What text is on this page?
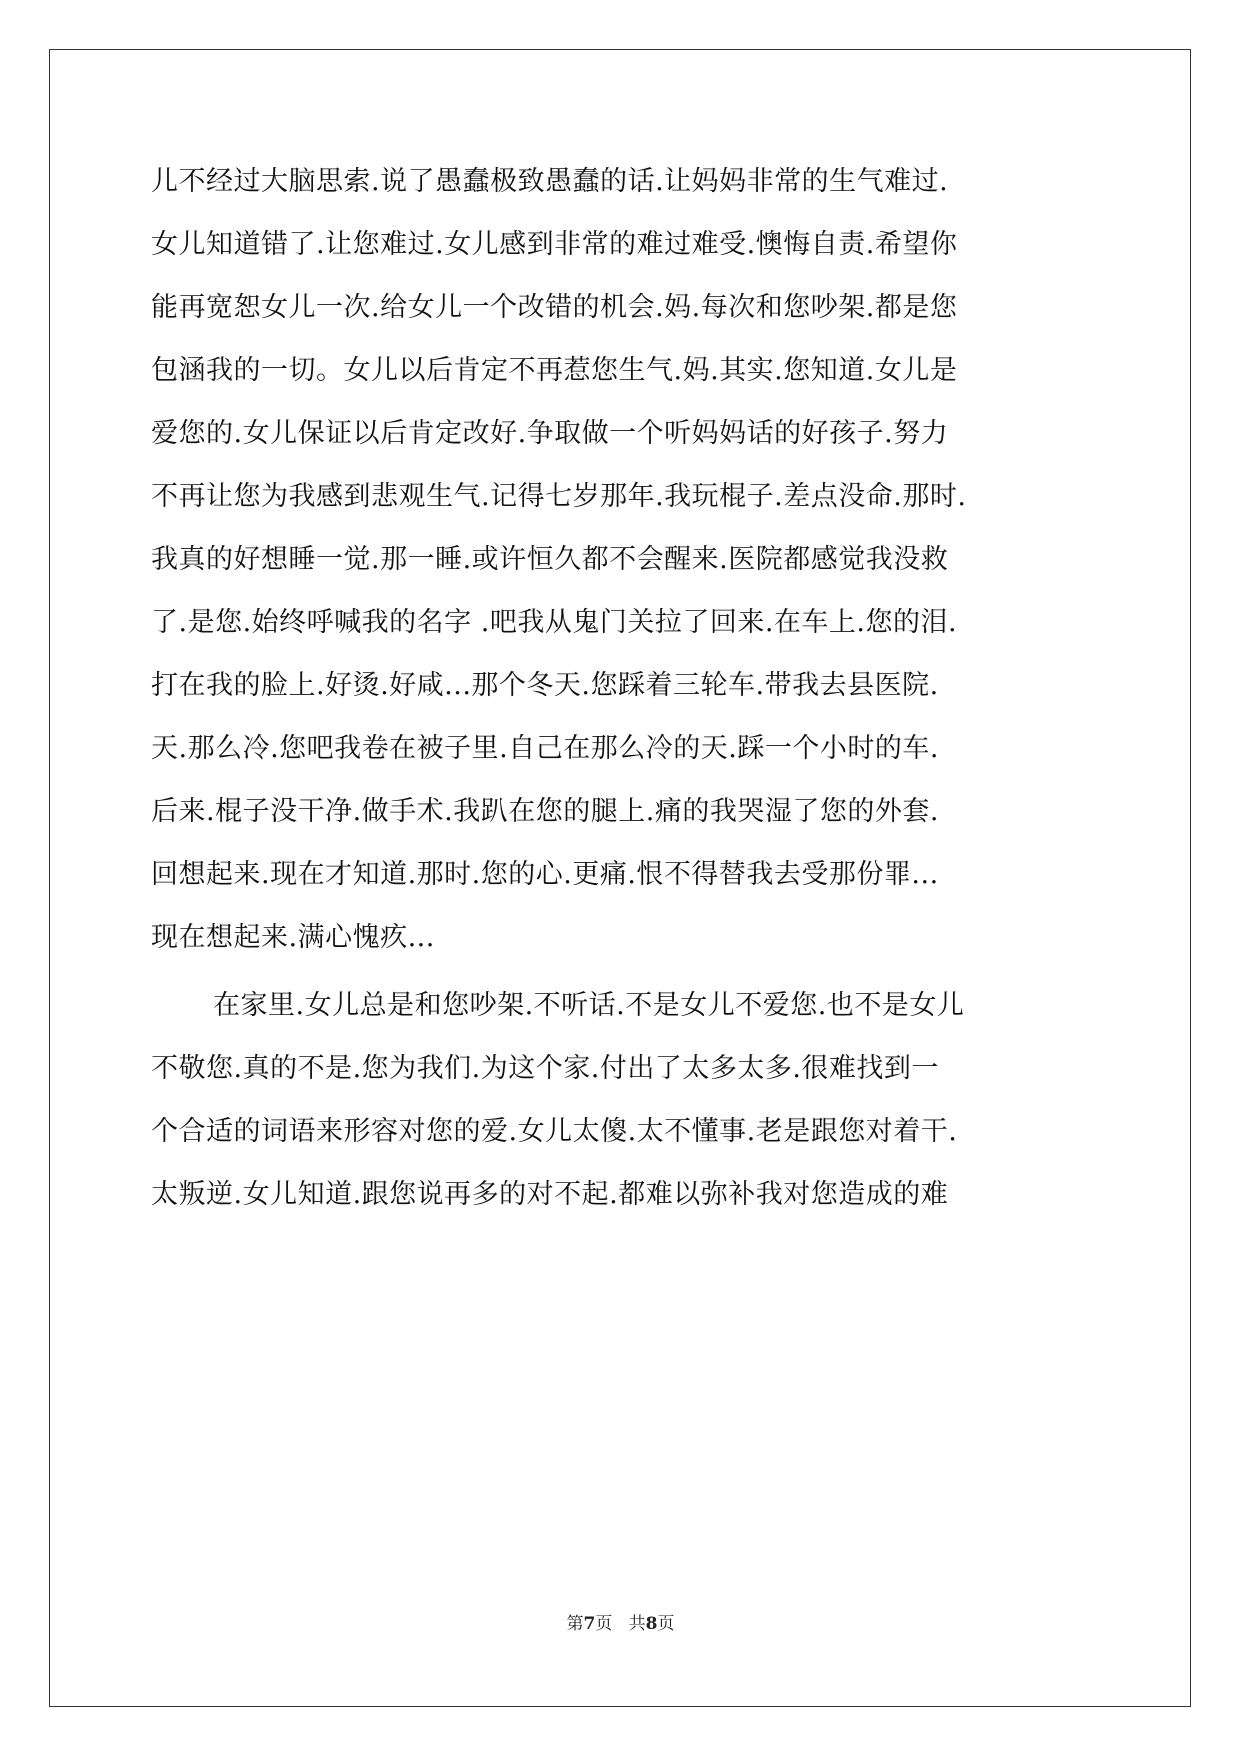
儿不经过大脑思索.说了愚蠢极致愚蠢的话.让妈妈非常的生气难过.
女儿知道错了.让您难过.女儿感到非常的难过难受.懊悔自责.希望你
能再宽恕女儿一次.给女儿一个改错的机会.妈.每次和您吵架.都是您
包涵我的一切。女儿以后肯定不再惹您生气.妈.其实.您知道.女儿是
爱您的.女儿保证以后肯定改好.争取做一个听妈妈话的好孩子.努力
不再让您为我感到悲观生气.记得七岁那年.我玩棍子.差点没命.那时.
我真的好想睡一觉.那一睡.或许恒久都不会醒来.医院都感觉我没救
了.是您.始终呼喊我的名字 .吧我从鬼门关拉了回来.在车上.您的泪.
打在我的脸上.好烫.好咸...那个冬天.您踩着三轮车.带我去县医院.
天.那么冷.您吧我卷在被子里.自己在那么冷的天.踩一个小时的车.
后来.棍子没干净.做手术.我趴在您的腿上.痛的我哭湿了您的外套.
回想起来.现在才知道.那时.您的心.更痛.恨不得替我去受那份罪...
现在想起来.满心愧疚...
在家里.女儿总是和您吵架.不听话.不是女儿不爱您.也不是女儿
不敬您.真的不是.您为我们.为这个家.付出了太多太多.很难找到一
个合适的词语来形容对您的爱.女儿太傻.太不懂事.老是跟您对着干.
太叛逆.女儿知道.跟您说再多的对不起.都难以弥补我对您造成的难
第7页 共8页
